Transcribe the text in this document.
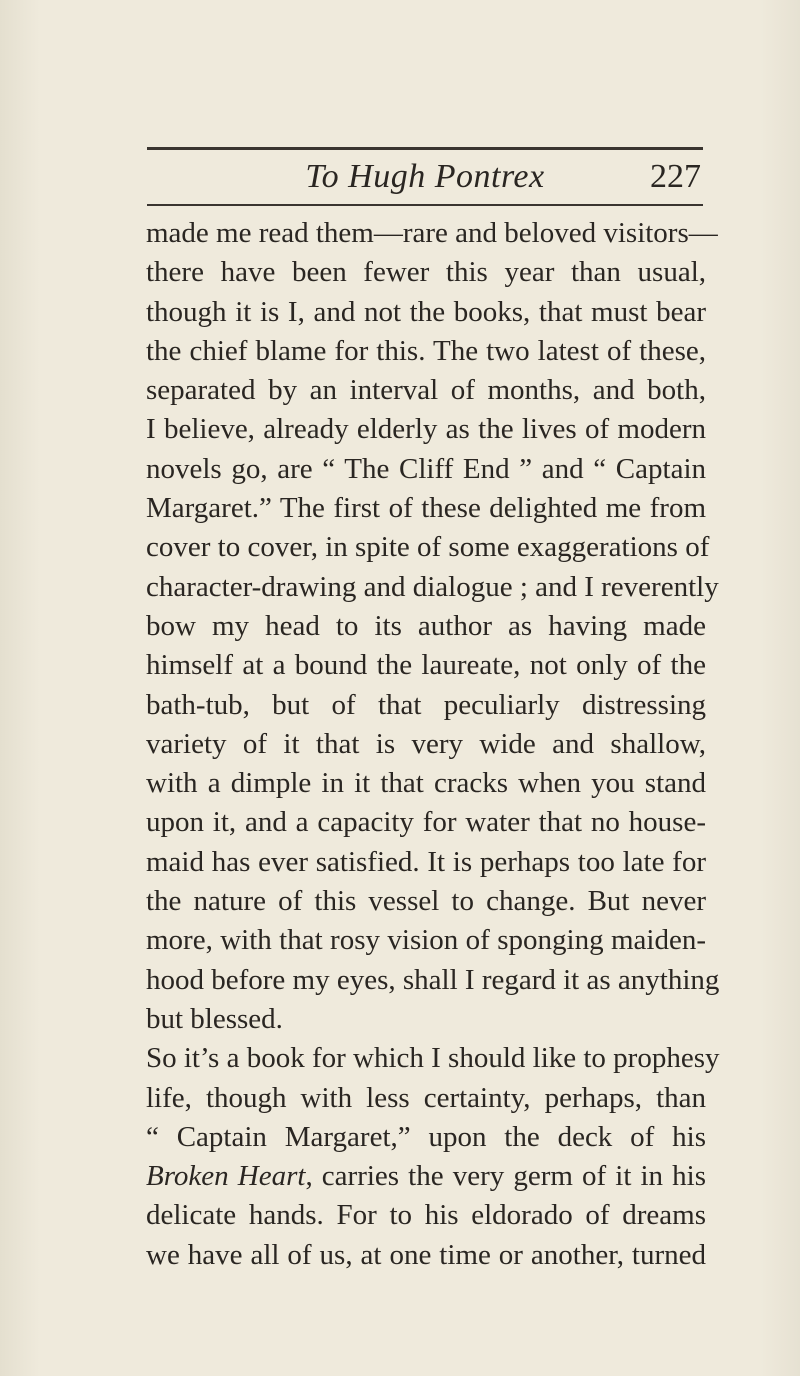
To Hugh Pontrex	227
made me read them—rare and beloved visitors—
there have been fewer this year than usual,
though it is I, and not the books, that must bear
the chief blame for this. The two latest of these,
separated by an interval of months, and both,
I believe, already elderly as the lives of modern
novels go, are “ The Cliff End ” and “ Captain
Margaret.” The first of these delighted me from
cover to cover, in spite of some exaggerations of
character-drawing and dialogue ; and I reverently
bow my head to its author as having made
himself at a bound the laureate, not only of the
bath-tub, but of that peculiarly distressing
variety of it that is very wide and shallow,
with a dimple in it that cracks when you stand
upon it, and a capacity for water that no house-
maid has ever satisfied. It is perhaps too late for
the nature of this vessel to change. But never
more, with that rosy vision of sponging maiden-
hood before my eyes, shall I regard it as anything
but blessed.
So it’s a book for which I should like to prophesy
life, though with less certainty, perhaps, than
“ Captain Margaret,” upon the deck of his
Broken Heart, carries the very germ of it in his
delicate hands. For to his eldorado of dreams
we have all of us, at one time or another, turned
